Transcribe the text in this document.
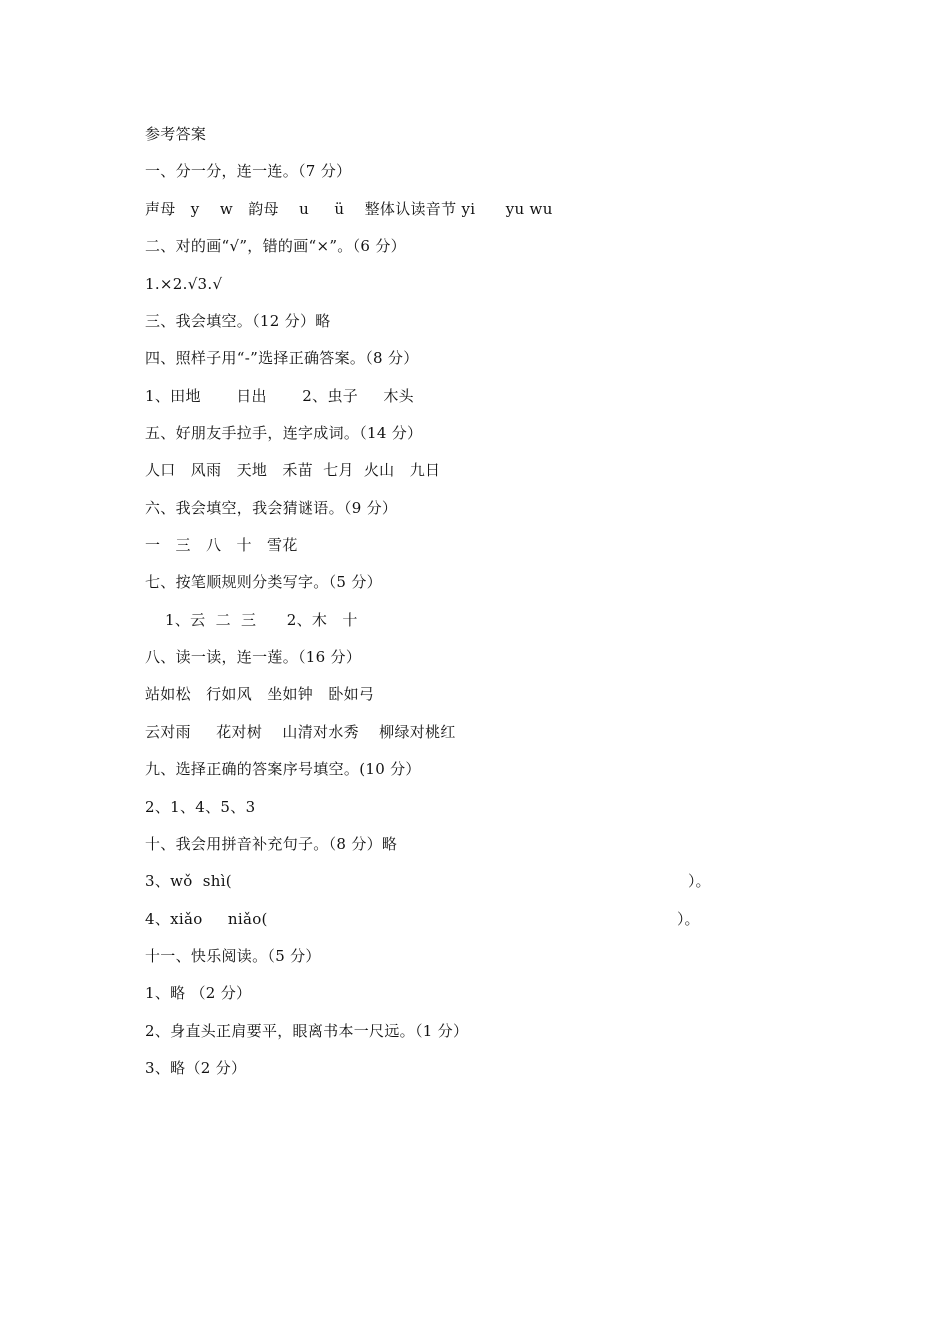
参考答案
一、分一分，连一连。（7 分）
声母   y    w   韵母    u     ü    整体认读音节 yi      yu wu
二、对的画“√”，错的画“×”。（6 分）
1.×2.√3.√
三、我会填空。（12 分）略
四、照样子用“-”选择正确答案。（8 分）
1、田地       日出       2、虫子     木头
五、好朋友手拉手，连字成词。（14 分）
人口   风雨   天地   禾苗  七月  火山   九日
六、我会填空，我会猜谜语。（9 分）
一   三   八   十   雪花
七、按笔顺规则分类写字。（5 分）
1、云  二  三      2、木   十
八、读一读，连一莲。（16 分）
站如松   行如风   坐如钟   卧如弓
云对雨     花对树    山清对水秀    柳绿对桃红
九、选择正确的答案序号填空。(10 分）
2、1、4、5、3
十、我会用拼音补充句子。（8 分）略
3、wǒ  shì(	）。
4、xiǎo     niǎo(	）。
十一、快乐阅读。（5 分）
1、略 （2 分）
2、身直头正肩要平，眼离书本一尺远。（1 分）
3、略（2 分）
